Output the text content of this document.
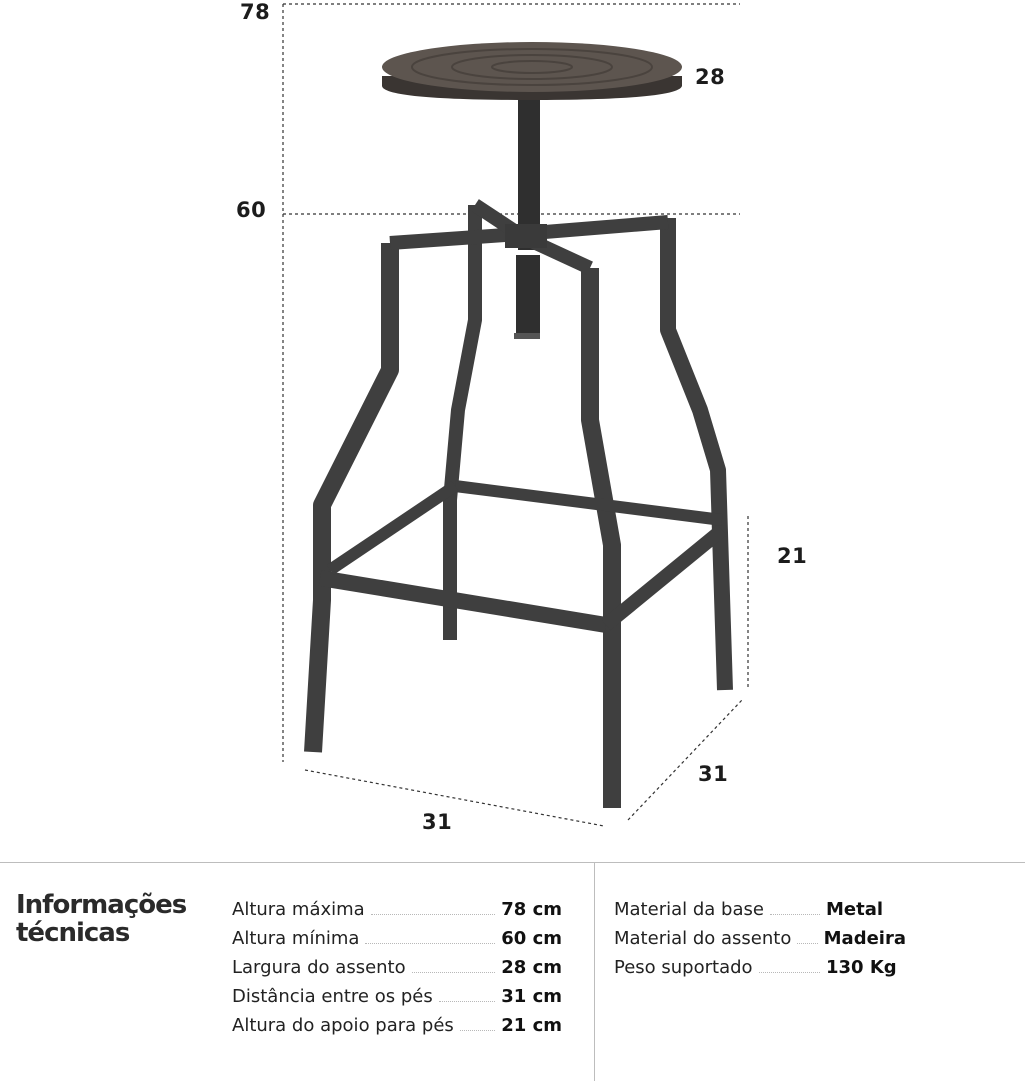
78
28
60
21
31
31
Informações
técnicas
Altura máxima	78 cm
Altura mínima	60 cm
Largura do assento	28 cm
Distância entre os pés	31 cm
Altura do apoio para pés	21 cm
Material da base	Metal
Material do assento Madeira
Peso suportado	130 Kg
